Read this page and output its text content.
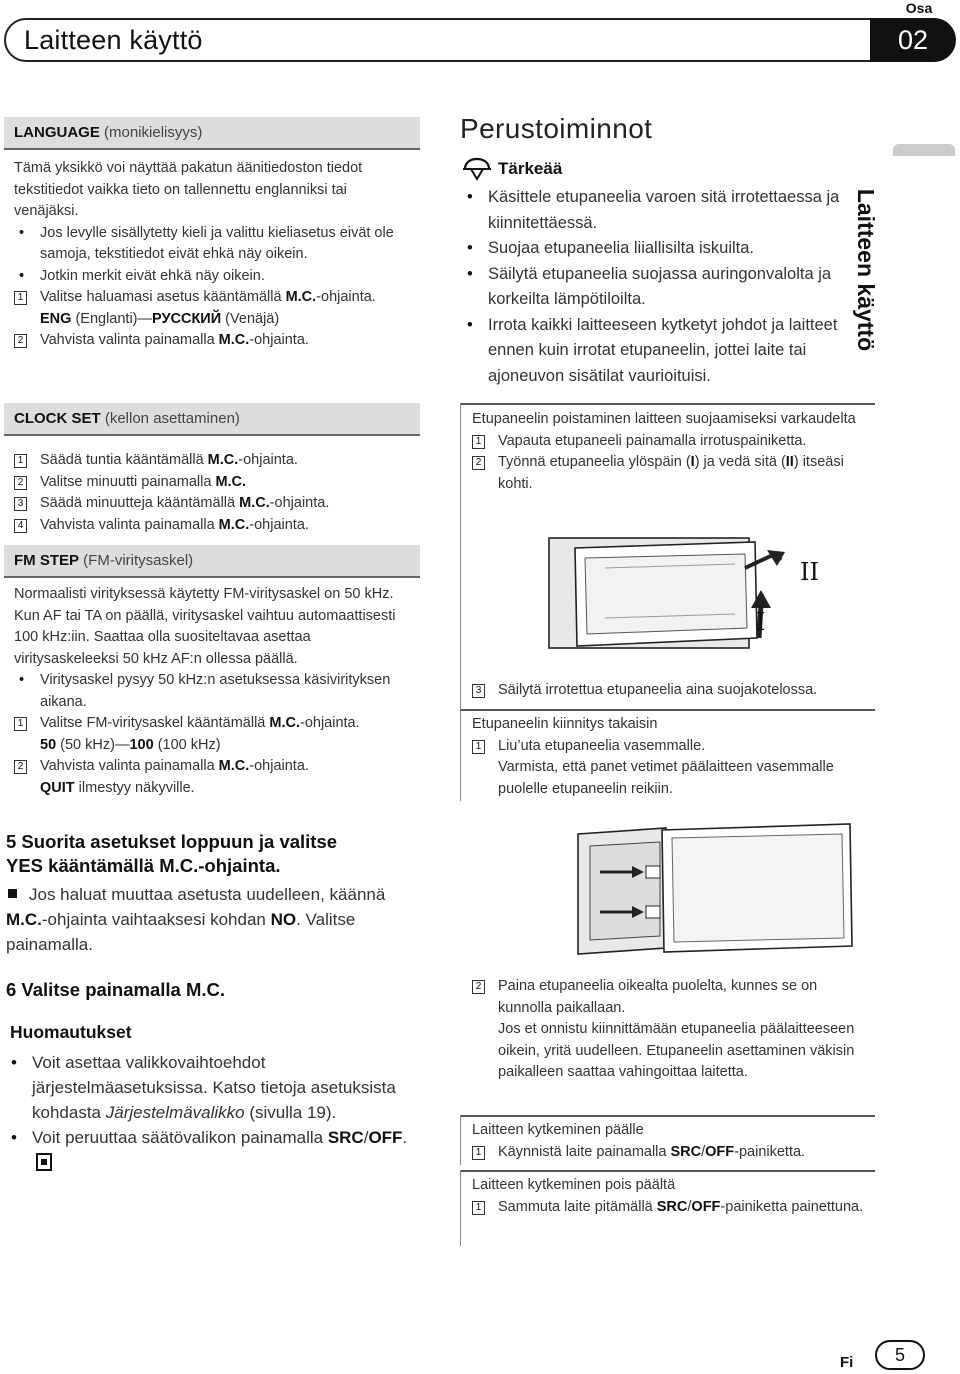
Laitteen käyttö
Osa
02
Laitteen käyttö
LANGUAGE (monikielisyys)
Tämä yksikkö voi näyttää pakatun äänitiedoston tiedot tekstitiedot vaikka tieto on tallennettu englanniksi tai venäjäksi.
• Jos levylle sisällytetty kieli ja valittu kieliasetus eivät ole samoja, tekstitiedot eivät ehkä näy oikein.
• Jotkin merkit eivät ehkä näy oikein.
1 Valitse haluamasi asetus kääntämällä M.C.-ohjainta.
ENG (Englanti)—РУССКИЙ (Venäjä)
2 Vahvista valinta painamalla M.C.-ohjainta.
CLOCK SET (kellon asettaminen)
1 Säädä tuntia kääntämällä M.C.-ohjainta.
2 Valitse minuutti painamalla M.C.
3 Säädä minuutteja kääntämällä M.C.-ohjainta.
4 Vahvista valinta painamalla M.C.-ohjainta.
FM STEP (FM-viritysaskel)
Normaalisti virityksessä käytetty FM-viritysaskel on 50 kHz. Kun AF tai TA on päällä, viritysaskel vaihtuu automaattisesti 100 kHz:iin. Saattaa olla suositeltavaa asettaa viritysaskeleeksi 50 kHz AF:n ollessa päällä.
• Viritysaskel pysyy 50 kHz:n asetuksessa käsivirityksen aikana.
1 Valitse FM-viritysaskel kääntämällä M.C.-ohjainta.
50 (50 kHz)—100 (100 kHz)
2 Vahvista valinta painamalla M.C.-ohjainta.
QUIT ilmestyy näkyville.
5 Suorita asetukset loppuun ja valitse
YES kääntämällä M.C.-ohjainta.
Jos haluat muuttaa asetusta uudelleen, käännä M.C.-ohjainta vaihtaaksesi kohdan NO. Valitse painamalla.
6 Valitse painamalla M.C.
Huomautukset
• Voit asettaa valikkovaihtoehdot järjestelmäasetuksissa. Katso tietoja asetuksista kohdasta Järjestelmävalikko (sivulla 19).
• Voit peruuttaa säätövalikon painamalla SRC/OFF.
Perustoiminnot
Tärkeää
• Käsittele etupaneelia varoen sitä irrotettaessa ja kiinnitettäessä.
• Suojaa etupaneelia liiallisilta iskuilta.
• Säilytä etupaneelia suojassa auringonvalolta ja korkeilta lämpötiloilta.
• Irrota kaikki laitteeseen kytketyt johdot ja laitteet ennen kuin irrotat etupaneelin, jottei laite tai ajoneuvon sisätilat vaurioituisi.
Etupaneelin poistaminen laitteen suojaamiseksi varkaudelta
1 Vapauta etupaneeli painamalla irrotuspainiketta.
2 Työnnä etupaneelia ylöspäin (I) ja vedä sitä (II) itseäsi kohti.
II
I
3 Säilytä irrotettua etupaneelia aina suojakotelossa.
Etupaneelin kiinnitys takaisin
1 Liu’uta etupaneelia vasemmalle.
Varmista, että panet vetimet päälaitteen vasemmalle puolelle etupaneelin reikiin.
2 Paina etupaneelia oikealta puolelta, kunnes se on kunnolla paikallaan.
Jos et onnistu kiinnittämään etupaneelia päälaitteeseen oikein, yritä uudelleen. Etupaneelin asettaminen väkisin paikalleen saattaa vahingoittaa laitetta.
Laitteen kytkeminen päälle
1 Käynnistä laite painamalla SRC/OFF-painiketta.
Laitteen kytkeminen pois päältä
1 Sammuta laite pitämällä SRC/OFF-painiketta painettuna.
Fi	5
